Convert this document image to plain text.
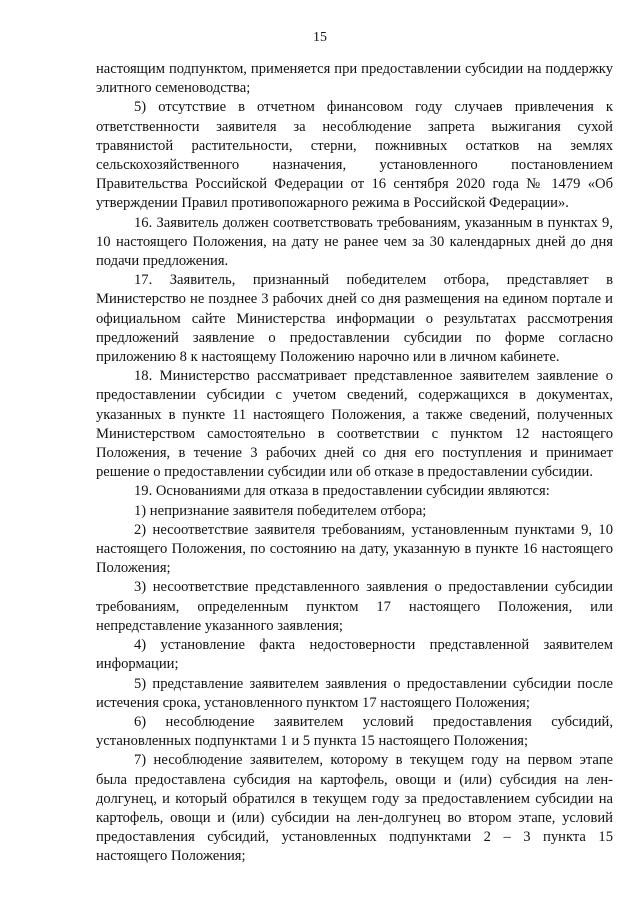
15

настоящим подпунктом, применяется при предоставлении субсидии на поддержку элитного семеноводства;

5) отсутствие в отчетном финансовом году случаев привлечения к ответственности заявителя за несоблюдение запрета выжигания сухой травянистой растительности, стерни, пожнивных остатков на землях сельскохозяйственного назначения, установленного постановлением Правительства Российской Федерации от 16 сентября 2020 года № 1479 «Об утверждении Правил противопожарного режима в Российской Федерации».

16. Заявитель должен соответствовать требованиям, указанным в пунктах 9, 10 настоящего Положения, на дату не ранее чем за 30 календарных дней до дня подачи предложения.

17. Заявитель, признанный победителем отбора, представляет в Министерство не позднее 3 рабочих дней со дня размещения на едином портале и официальном сайте Министерства информации о результатах рассмотрения предложений заявление о предоставлении субсидии по форме согласно приложению 8 к настоящему Положению нарочно или в личном кабинете.

18. Министерство рассматривает представленное заявителем заявление о предоставлении субсидии с учетом сведений, содержащихся в документах, указанных в пункте 11 настоящего Положения, а также сведений, полученных Министерством самостоятельно в соответствии с пунктом 12 настоящего Положения, в течение 3 рабочих дней со дня его поступления и принимает решение о предоставлении субсидии или об отказе в предоставлении субсидии.

19. Основаниями для отказа в предоставлении субсидии являются:

1) непризнание заявителя победителем отбора;

2) несоответствие заявителя требованиям, установленным пунктами 9, 10 настоящего Положения, по состоянию на дату, указанную в пункте 16 настоящего Положения;

3) несоответствие представленного заявления о предоставлении субсидии требованиям, определенным пунктом 17 настоящего Положения, или непредставление указанного заявления;

4) установление факта недостоверности представленной заявителем информации;

5) представление заявителем заявления о предоставлении субсидии после истечения срока, установленного пунктом 17 настоящего Положения;

6) несоблюдение заявителем условий предоставления субсидий, установленных подпунктами 1 и 5 пункта 15 настоящего Положения;

7) несоблюдение заявителем, которому в текущем году на первом этапе была предоставлена субсидия на картофель, овощи и (или) субсидия на лен-долгунец, и который обратился в текущем году за предоставлением субсидии на картофель, овощи и (или) субсидии на лен-долгунец во втором этапе, условий предоставления субсидий, установленных подпунктами 2 – 3 пункта 15 настоящего Положения;
